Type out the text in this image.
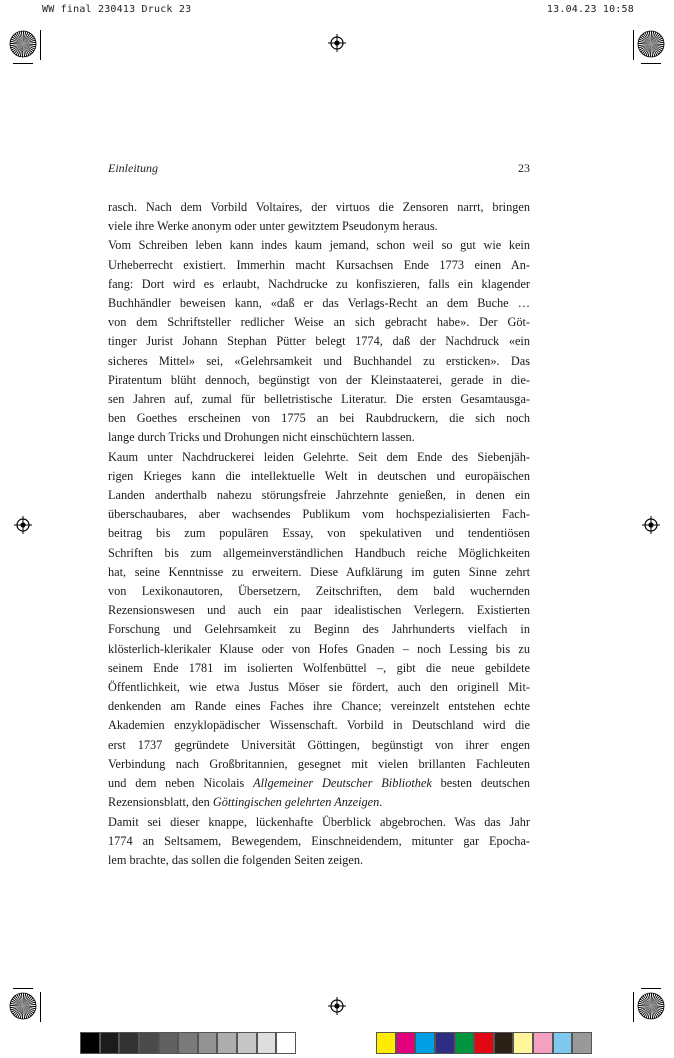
WW final 230413 Druck 23	13.04.23 10:58
Einleitung	23

rasch. Nach dem Vorbild Voltaires, der virtuos die Zensoren narrt, bringen
viele ihre Werke anonym oder unter gewitztem Pseudonym heraus.

Vom Schreiben leben kann indes kaum jemand, schon weil so gut wie kein
Urheberrecht existiert. Immerhin macht Kursachsen Ende 1773 einen An-
fang: Dort wird es erlaubt, Nachdrucke zu konfiszieren, falls ein klagender
Buchhändler beweisen kann, «daß er das Verlags-Recht an dem Buche …
von dem Schriftsteller redlicher Weise an sich gebracht habe». Der Göt-
tinger Jurist Johann Stephan Pütter belegt 1774, daß der Nachdruck «ein
sicheres Mittel» sei, «Gelehrsamkeit und Buchhandel zu ersticken». Das
Piratentum blüht dennoch, begünstigt von der Kleinstaaterei, gerade in die-
sen Jahren auf, zumal für belletristische Literatur. Die ersten Gesamtausga-
ben Goethes erscheinen von 1775 an bei Raubdruckern, die sich noch
lange durch Tricks und Drohungen nicht einschüchtern lassen.

Kaum unter Nachdruckerei leiden Gelehrte. Seit dem Ende des Siebenjäh-
rigen Krieges kann die intellektuelle Welt in deutschen und europäischen
Landen anderthalb nahezu störungsfreie Jahrzehnte genießen, in denen ein
überschaubares, aber wachsendes Publikum vom hochspezialisierten Fach-
beitrag bis zum populären Essay, von spekulativen und tendentiösen
Schriften bis zum allgemeinverständlichen Handbuch reiche Möglichkeiten
hat, seine Kenntnisse zu erweitern. Diese Aufklärung im guten Sinne zehrt
von Lexikonautoren, Übersetzern, Zeitschriften, dem bald wuchernden
Rezensionswesen und auch ein paar idealistischen Verlegern. Existierten
Forschung und Gelehrsamkeit zu Beginn des Jahrhunderts vielfach in
klösterlich-klerikaler Klause oder von Hofes Gnaden – noch Lessing bis zu
seinem Ende 1781 im isolierten Wolfenbüttel –, gibt die neue gebildete
Öffentlichkeit, wie etwa Justus Möser sie fördert, auch den originell Mit-
denkenden am Rande eines Faches ihre Chance; vereinzelt entstehen echte
Akademien enzyklopädischer Wissenschaft. Vorbild in Deutschland wird die
erst 1737 gegründete Universität Göttingen, begünstigt von ihrer engen
Verbindung nach Großbritannien, gesegnet mit vielen brillanten Fachleuten
und dem neben Nicolais Allgemeiner Deutscher Bibliothek besten deutschen
Rezensionsblatt, den Göttingischen gelehrten Anzeigen.

Damit sei dieser knappe, lückenhafte Überblick abgebrochen. Was das Jahr
1774 an Seltsamem, Bewegendem, Einschneidendem, mitunter gar Epocha-
lem brachte, das sollen die folgenden Seiten zeigen.
